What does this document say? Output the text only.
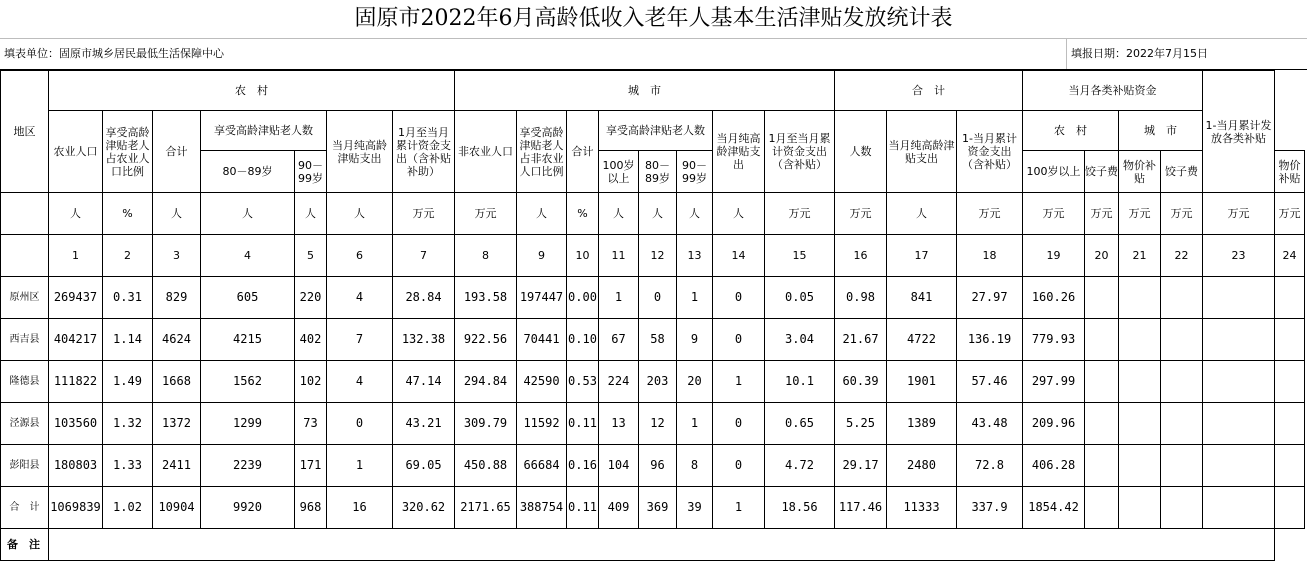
固原市2022年6月高龄低收入老年人基本生活津贴发放统计表
填表单位：固原市城乡居民最低生活保障中心	填报日期：2022年7月15日
地区	农　村							城　市								合　计			当月各类补贴资金				1-当月累计发放各类补贴	
	农业人口	享受高龄津贴老人占农业人口比例	合计	享受高龄津贴老人数		当月纯高龄津贴支出	1月至当月累计资金支出（含补贴补助）	非农业人口	享受高龄津贴老人占非农业人口比例	合计	享受高龄津贴老人数			当月纯高龄津贴支出	1月至当月累计资金支出（含补贴）	人数	当月纯高龄津贴支出	1-当月累计资金支出（含补贴）	农　村		城　市			
				80－89岁	90－99岁						100岁以上	80－89岁	90－99岁						100岁以上	饺子费	物价补贴	饺子费		物价补贴
	人	%	人	人	人	人	万元	万元	人	%	人	人	人	人	万元	万元	人	万元	万元	万元	万元	万元	万元	万元
	1	2	3	4	5	6	7	8	9	10	11	12	13	14	15	16	17	18	19	20	21	22	23	24
原州区	269437	0.31	829	605	220	4	28.84	193.58	197447	0.00	1	0	1	0	0.05	0.98	841	27.97	160.26					
西吉县	404217	1.14	4624	4215	402	7	132.38	922.56	70441	0.10	67	58	9	0	3.04	21.67	4722	136.19	779.93					
隆德县	111822	1.49	1668	1562	102	4	47.14	294.84	42590	0.53	224	203	20	1	10.1	60.39	1901	57.46	297.99					
泾源县	103560	1.32	1372	1299	73	0	43.21	309.79	11592	0.11	13	12	1	0	0.65	5.25	1389	43.48	209.96					
彭阳县	180803	1.33	2411	2239	171	1	69.05	450.88	66684	0.16	104	96	8	0	4.72	29.17	2480	72.8	406.28					
合　计	1069839	1.02	10904	9920	968	16	320.62	2171.65	388754	0.11	409	369	39	1	18.56	117.46	11333	337.9	1854.42					
备　注																								
